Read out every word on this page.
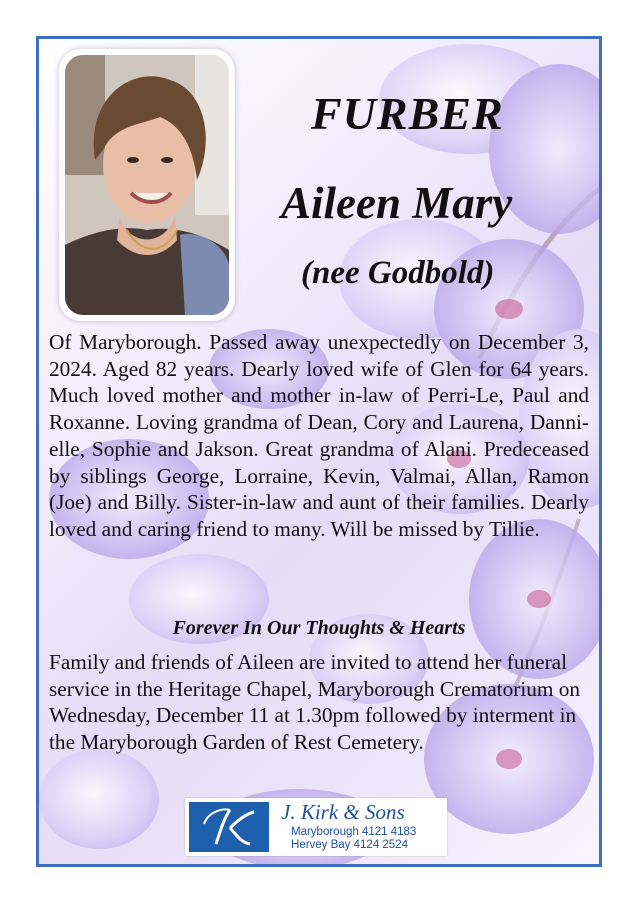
FURBER
Aileen Mary
(nee Godbold)

Of Maryborough. Passed away unexpectedly on December 3, 2024. Aged 82 years. Dearly loved wife of Glen for 64 years. Much loved mother and mother in-law of Perri-Le, Paul and Roxanne. Loving grandma of Dean, Cory and Laurena, Danni-elle, Sophie and Jakson. Great grandma of Alani. Predeceased by siblings George, Lorraine, Kevin, Valmai, Allan, Ramon (Joe) and Billy. Sister-in-law and aunt of their families. Dearly loved and caring friend to many. Will be missed by Tillie.

Forever In Our Thoughts & Hearts

Family and friends of Aileen are invited to attend her funeral service in the Heritage Chapel, Maryborough Crematorium on Wednesday, December 11 at 1.30pm followed by interment in the Maryborough Garden of Rest Cemetery.

J. Kirk & Sons
Maryborough 4121 4183
Hervey Bay 4124 2524
